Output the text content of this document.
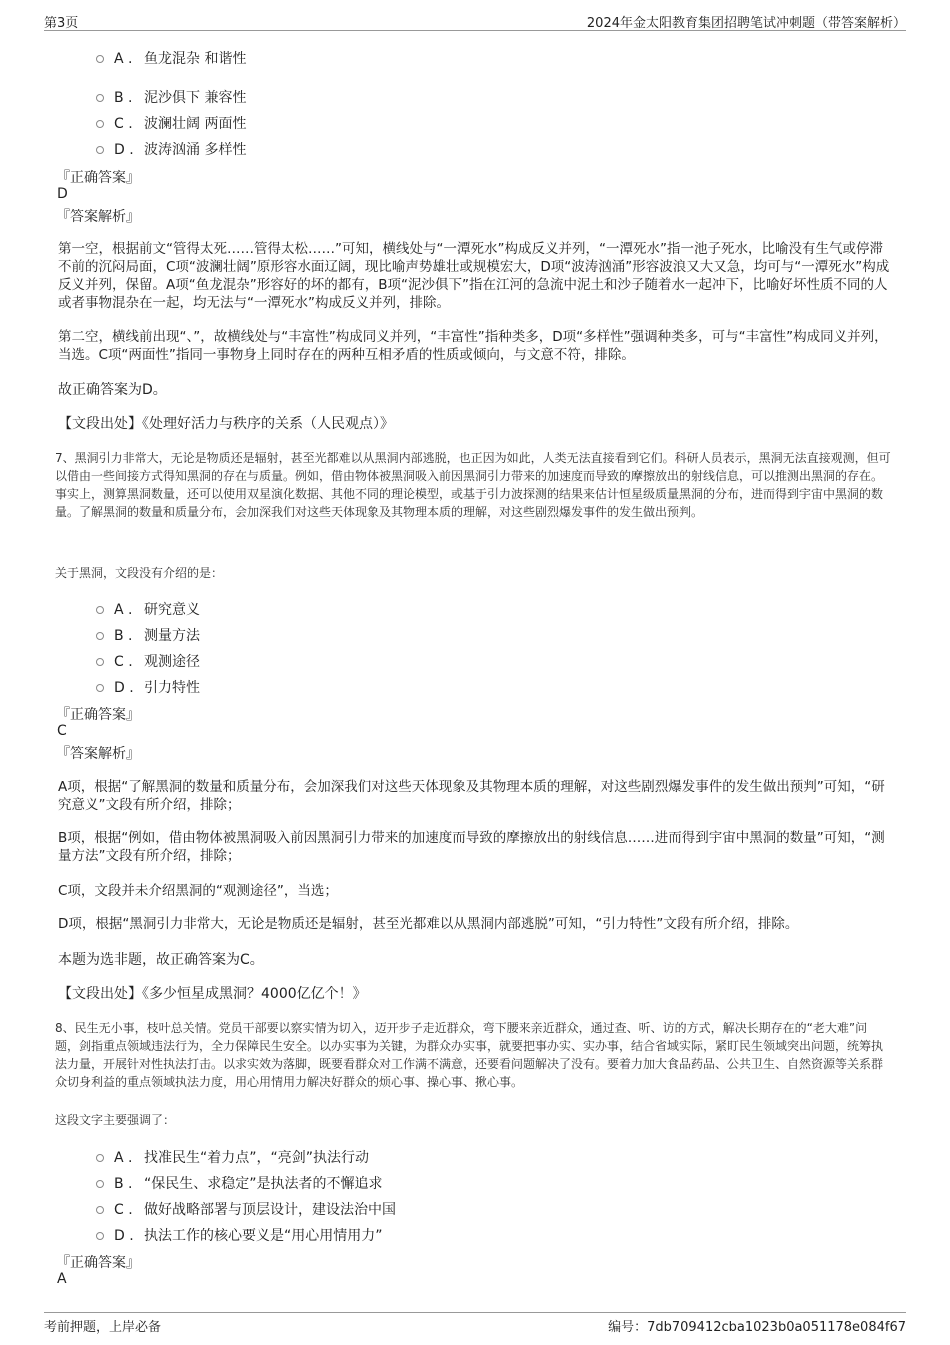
第3页	2024年金太阳教育集团招聘笔试冲刺题（带答案解析）
A . 鱼龙混杂 和谐性
B . 泥沙俱下 兼容性
C . 波澜壮阔 两面性
D . 波涛汹涌 多样性
『正确答案』
D
『答案解析』
第一空，根据前文“管得太死……管得太松……”可知，横线处与“一潭死水”构成反义并列，“一潭死水”指一池子死水，比喻没有生气或停滞不前的沉闷局面，C项“波澜壮阔”原形容水面辽阔，现比喻声势雄壮或规模宏大，D项“波涛汹涌”形容波浪又大又急，均可与“一潭死水”构成反义并列，保留。A项“鱼龙混杂”形容好的坏的都有，B项“泥沙俱下”指在江河的急流中泥土和沙子随着水一起冲下，比喻好坏性质不同的人或者事物混杂在一起，均无法与“一潭死水”构成反义并列，排除。
第二空，横线前出现“、”，故横线处与“丰富性”构成同义并列，“丰富性”指种类多，D项“多样性”强调种类多，可与“丰富性”构成同义并列，当选。C项“两面性”指同一事物身上同时存在的两种互相矛盾的性质或倾向，与文意不符，排除。
故正确答案为D。
【文段出处】《处理好活力与秩序的关系（人民观点）》
7、黑洞引力非常大，无论是物质还是辐射，甚至光都难以从黑洞内部逃脱，也正因为如此，人类无法直接看到它们。科研人员表示，黑洞无法直接观测，但可以借由一些间接方式得知黑洞的存在与质量。例如，借由物体被黑洞吸入前因黑洞引力带来的加速度而导致的摩擦放出的射线信息，可以推测出黑洞的存在。事实上，测算黑洞数量，还可以使用双星演化数据、其他不同的理论模型，或基于引力波探测的结果来估计恒星级质量黑洞的分布，进而得到宇宙中黑洞的数量。了解黑洞的数量和质量分布，会加深我们对这些天体现象及其物理本质的理解，对这些剧烈爆发事件的发生做出预判。
关于黑洞，文段没有介绍的是：
A . 研究意义
B . 测量方法
C . 观测途径
D . 引力特性
『正确答案』
C
『答案解析』
A项，根据“了解黑洞的数量和质量分布，会加深我们对这些天体现象及其物理本质的理解，对这些剧烈爆发事件的发生做出预判”可知，“研究意义”文段有所介绍，排除；
B项，根据“例如，借由物体被黑洞吸入前因黑洞引力带来的加速度而导致的摩擦放出的射线信息……进而得到宇宙中黑洞的数量”可知，“测量方法”文段有所介绍，排除；
C项，文段并未介绍黑洞的“观测途径”，当选；
D项，根据“黑洞引力非常大，无论是物质还是辐射，甚至光都难以从黑洞内部逃脱”可知，“引力特性”文段有所介绍，排除。
本题为选非题，故正确答案为C。
【文段出处】《多少恒星成黑洞？4000亿亿个！》
8、民生无小事，枝叶总关情。党员干部要以察实情为切入，迈开步子走近群众，弯下腰来亲近群众，通过查、听、访的方式，解决长期存在的“老大难”问题，剑指重点领域违法行为，全力保障民生安全。以办实事为关键，为群众办实事，就要把事办实、实办事，结合省域实际，紧盯民生领域突出问题，统筹执法力量，开展针对性执法打击。以求实效为落脚，既要看群众对工作满不满意，还要看问题解决了没有。要着力加大食品药品、公共卫生、自然资源等关系群众切身利益的重点领域执法力度，用心用情用力解决好群众的烦心事、操心事、揪心事。
这段文字主要强调了：
A . 找准民生“着力点”，“亮剑”执法行动
B . “保民生、求稳定”是执法者的不懈追求
C . 做好战略部署与顶层设计，建设法治中国
D . 执法工作的核心要义是“用心用情用力”
『正确答案』
A
考前押题，上岸必备	编号：7db709412cba1023b0a051178e084f67
